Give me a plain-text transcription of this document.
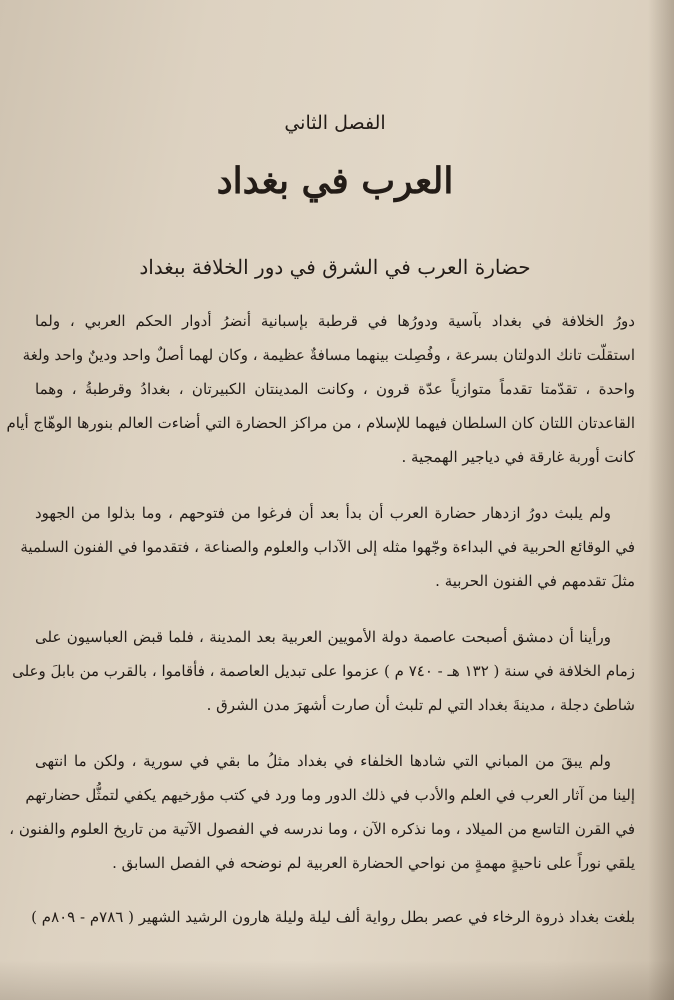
الفصل الثاني
العرب في بغداد
حضارة العرب في الشرق في دور الخلافة ببغداد
دورُ الخلافة في بغداد بآسية ودورُها في قرطبة بإسبانية أنضرُ أدوار الحكم العربي ، ولما
استقلّت تانك الدولتان بسرعة ، وفُصِلت بينهما مسافةٌ عظيمة ، وكان لهما أصلٌ واحد ودينٌ واحد ولغة
واحدة ، تقدّمتا تقدماً متوازياً عدّة قرون ، وكانت المدينتان الكبيرتان ، بغدادُ وقرطبةُ ، وهما
القاعدتان اللتان كان السلطان فيهما للإسلام ، من مراكز الحضارة التي أضاءت العالم بنورها الوهّاج أيام
كانت أوربة غارقة في دياجير الهمجية .
ولم يلبث دورُ ازدهار حضارة العرب أن بدأ بعد أن فرغوا من فتوحهم ، وما بذلوا من الجهود
في الوقائع الحربية في البداءة وجّهوا مثله إلى الآداب والعلوم والصناعة ، فتقدموا في الفنون السلمية
مثلَ تقدمهم في الفنون الحربية .
ورأينا أن دمشق أصبحت عاصمة دولة الأمويين العربية بعد المدينة ، فلما قبض العباسيون على
زمام الخلافة في سنة ( ١٣٢ هـ - ٧٤٠ م ) عزموا على تبديل العاصمة ، فأقاموا ، بالقرب من بابلَ وعلى
شاطئ دجلة ، مدينةَ بغداد التي لم تلبث أن صارت أشهرَ مدن الشرق .
ولم يبقَ من المباني التي شادها الخلفاء في بغداد مثلُ ما بقي في سورية ، ولكن ما انتهى
إلينا من آثار العرب في العلم والأدب في ذلك الدور وما ورد في كتب مؤرخيهم يكفي لتمثُّل حضارتهم
في القرن التاسع من الميلاد ، وما نذكره الآن ، وما ندرسه في الفصول الآتية من تاريخ العلوم والفنون ،
يلقي نوراً على ناحيةٍ مهمةٍ من نواحي الحضارة العربية لم نوضحه في الفصل السابق .
بلغت بغداد ذروة الرخاء في عصر بطل رواية ألف ليلة وليلة هارون الرشيد الشهير ( ٧٨٦م - ٨٠٩م )
